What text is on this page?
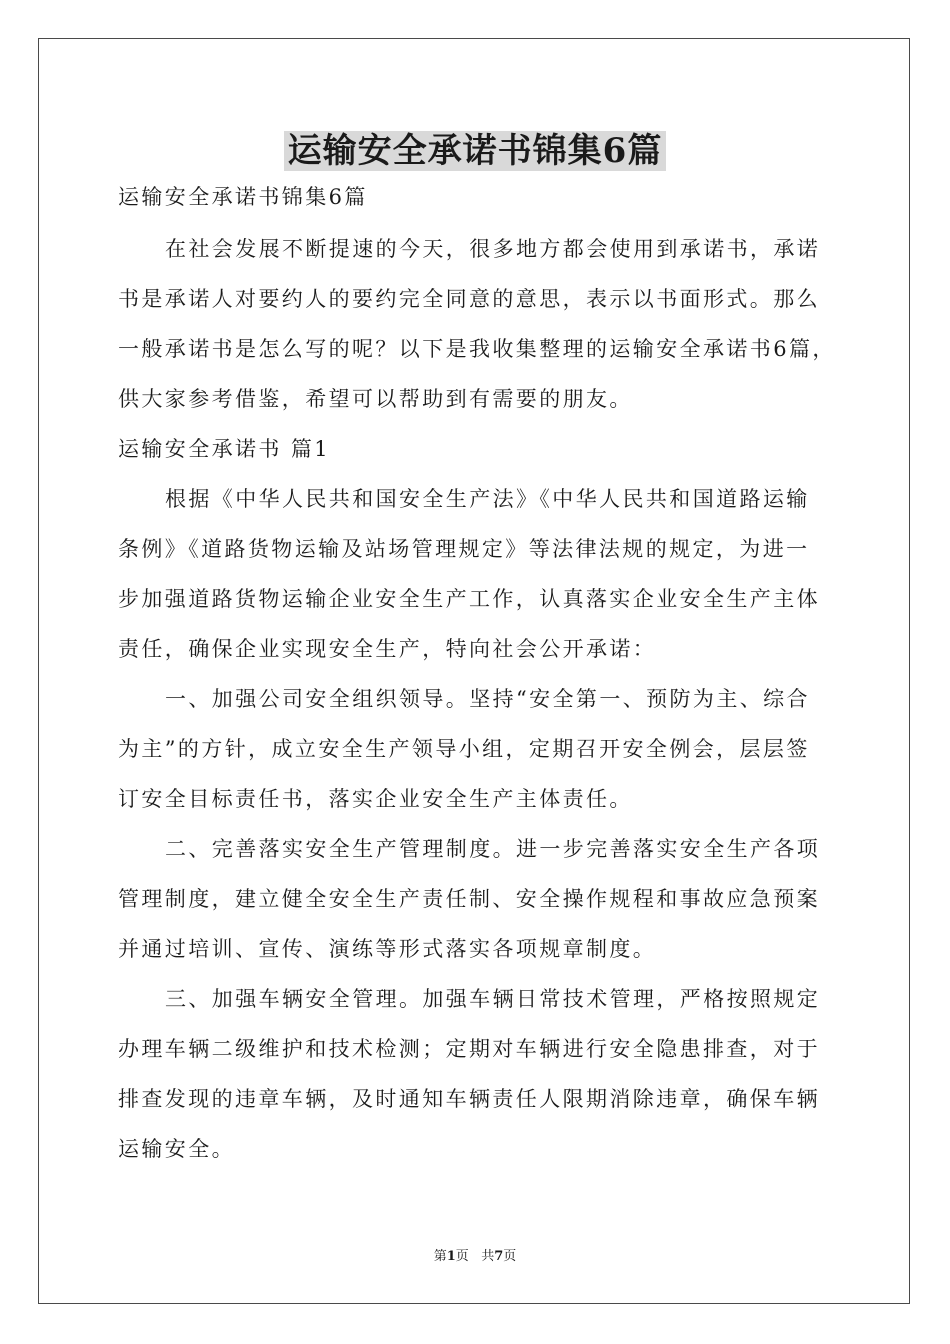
运输安全承诺书锦集6篇
运输安全承诺书锦集6篇
在社会发展不断提速的今天，很多地方都会使用到承诺书，承诺
书是承诺人对要约人的要约完全同意的意思，表示以书面形式。那么
一般承诺书是怎么写的呢？以下是我收集整理的运输安全承诺书6篇，
供大家参考借鉴，希望可以帮助到有需要的朋友。
运输安全承诺书 篇1
根据《中华人民共和国安全生产法》《中华人民共和国道路运输
条例》《道路货物运输及站场管理规定》等法律法规的规定，为进一
步加强道路货物运输企业安全生产工作，认真落实企业安全生产主体
责任，确保企业实现安全生产，特向社会公开承诺：
一、加强公司安全组织领导。坚持“安全第一、预防为主、综合
为主”的方针，成立安全生产领导小组，定期召开安全例会，层层签
订安全目标责任书，落实企业安全生产主体责任。
二、完善落实安全生产管理制度。进一步完善落实安全生产各项
管理制度，建立健全安全生产责任制、安全操作规程和事故应急预案
并通过培训、宣传、演练等形式落实各项规章制度。
三、加强车辆安全管理。加强车辆日常技术管理，严格按照规定
办理车辆二级维护和技术检测；定期对车辆进行安全隐患排查，对于
排查发现的违章车辆，及时通知车辆责任人限期消除违章，确保车辆
运输安全。
第1页   共7页
